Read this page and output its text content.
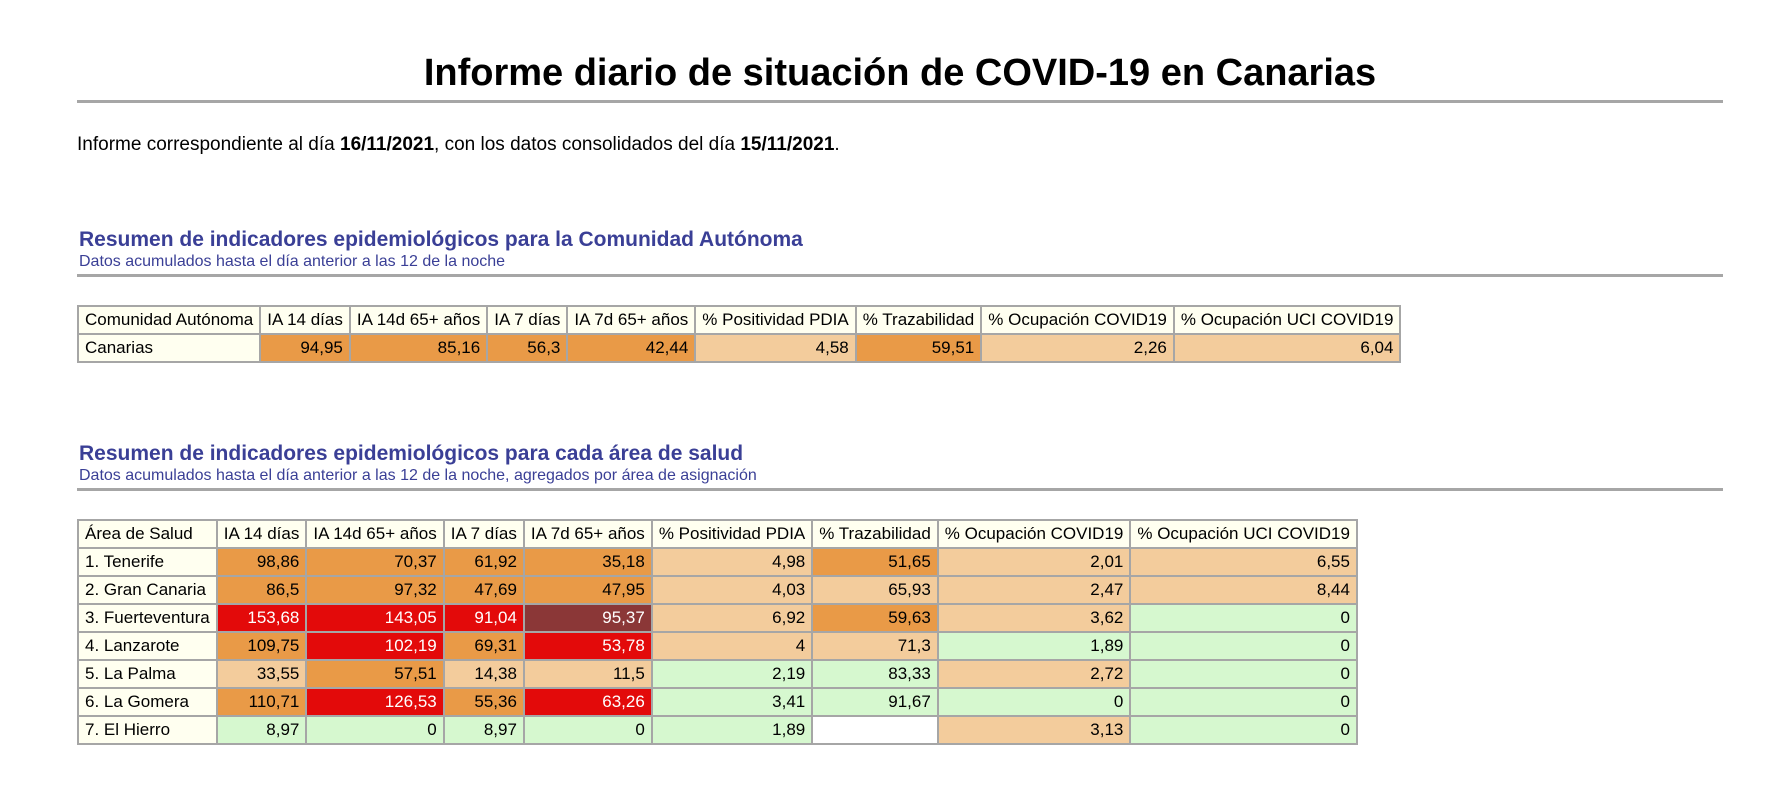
Informe diario de situación de COVID-19 en Canarias
Informe correspondiente al día 16/11/2021, con los datos consolidados del día 15/11/2021.
Resumen de indicadores epidemiológicos para la Comunidad Autónoma
Datos acumulados hasta el día anterior a las 12 de la noche
Comunidad Autónoma	IA 14 días	IA 14d 65+ años	IA 7 días	IA 7d 65+ años	% Positividad PDIA	% Trazabilidad	% Ocupación COVID19	% Ocupación UCI COVID19
Canarias	94,95	85,16	56,3	42,44	4,58	59,51	2,26	6,04
Resumen de indicadores epidemiológicos para cada área de salud
Datos acumulados hasta el día anterior a las 12 de la noche, agregados por área de asignación
Área de Salud	IA 14 días	IA 14d 65+ años	IA 7 días	IA 7d 65+ años	% Positividad PDIA	% Trazabilidad	% Ocupación COVID19	% Ocupación UCI COVID19
1. Tenerife	98,86	70,37	61,92	35,18	4,98	51,65	2,01	6,55
2. Gran Canaria	86,5	97,32	47,69	47,95	4,03	65,93	2,47	8,44
3. Fuerteventura	153,68	143,05	91,04	95,37	6,92	59,63	3,62	0
4. Lanzarote	109,75	102,19	69,31	53,78	4	71,3	1,89	0
5. La Palma	33,55	57,51	14,38	11,5	2,19	83,33	2,72	0
6. La Gomera	110,71	126,53	55,36	63,26	3,41	91,67	0	0
7. El Hierro	8,97	0	8,97	0	1,89		3,13	0
